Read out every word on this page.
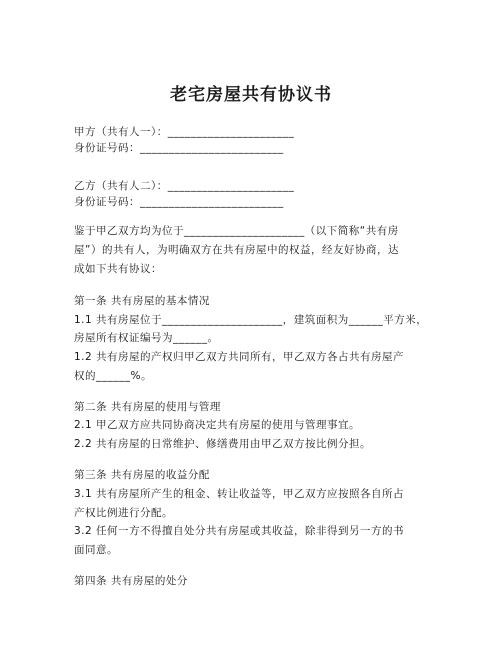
老宅房屋共有协议书
甲方（共有人一）：______________________
身份证号码：_________________________
乙方（共有人二）：______________________
身份证号码：_________________________
鉴于甲乙双方均为位于_____________________（以下简称“共有房
屋”）的共有人，为明确双方在共有房屋中的权益，经友好协商，达
成如下共有协议：
第一条 共有房屋的基本情况
1.1 共有房屋位于_____________________，建筑面积为______平方米，
房屋所有权证编号为______。
1.2 共有房屋的产权归甲乙双方共同所有，甲乙双方各占共有房屋产
权的______%。
第二条 共有房屋的使用与管理
2.1 甲乙双方应共同协商决定共有房屋的使用与管理事宜。
2.2 共有房屋的日常维护、修缮费用由甲乙双方按比例分担。
第三条 共有房屋的收益分配
3.1 共有房屋所产生的租金、转让收益等，甲乙双方应按照各自所占
产权比例进行分配。
3.2 任何一方不得擅自处分共有房屋或其收益，除非得到另一方的书
面同意。
第四条 共有房屋的处分
